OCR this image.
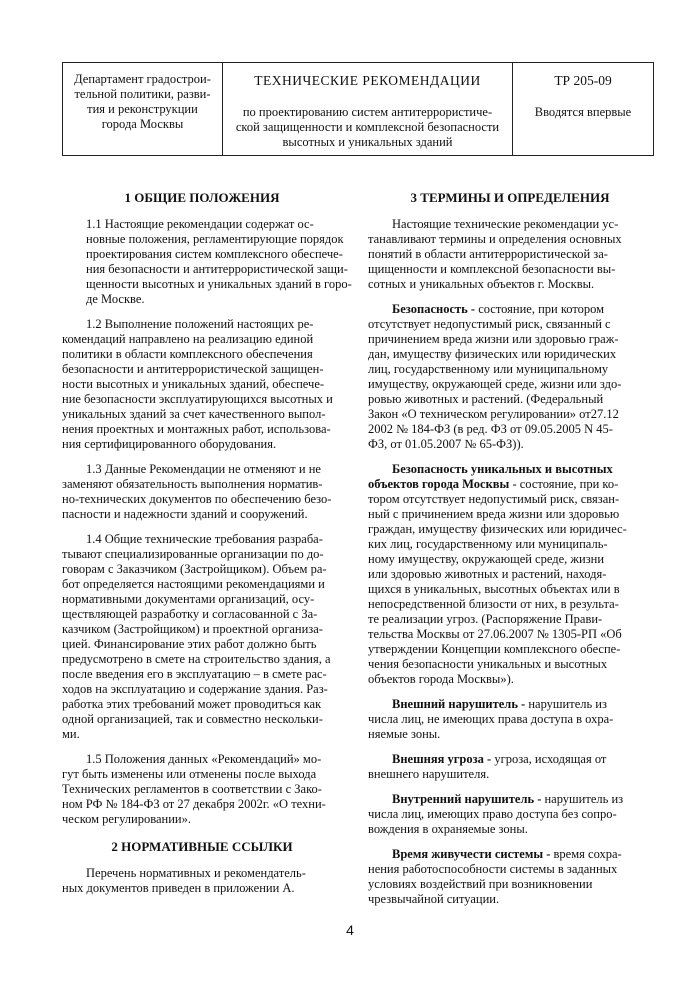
Департамент градострои-
тельной политики, разви-
тия и реконструкции
города Москвы
ТЕХНИЧЕСКИЕ РЕКОМЕНДАЦИИ
по проектированию систем антитеррористиче-
ской защищенности и комплексной безопасности
высотных и уникальных зданий
ТР 205-09
Вводятся впервые
1 ОБЩИЕ ПОЛОЖЕНИЯ
1.1 Настоящие рекомендации содержат ос-
новные положения, регламентирующие порядок
проектирования систем комплексного обеспече-
ния безопасности и антитеррористической защи-
щенности высотных и уникальных зданий в горо-
де Москве.
1.2 Выполнение положений настоящих ре-
комендаций направлено на реализацию единой
политики в области комплексного обеспечения
безопасности и антитеррористической защищен-
ности высотных и уникальных зданий, обеспече-
ние безопасности эксплуатирующихся высотных и
уникальных зданий за счет качественного выпол-
нения проектных и монтажных работ, использова-
ния сертифицированного оборудования.
1.3 Данные Рекомендации не отменяют и не
заменяют обязательность выполнения норматив-
но-технических документов по обеспечению безо-
пасности и надежности зданий и сооружений.
1.4 Общие технические требования разраба-
тывают специализированные организации по до-
говорам с Заказчиком (Застройщиком). Объем ра-
бот определяется настоящими рекомендациями и
нормативными документами организаций, осу-
ществляющей разработку и согласованной с За-
казчиком (Застройщиком) и проектной организа-
цией. Финансирование этих работ должно быть
предусмотрено в смете на строительство здания, а
после введения его в эксплуатацию – в смете рас-
ходов на эксплуатацию и содержание здания. Раз-
работка этих требований может проводиться как
одной организацией, так и совместно нескольки-
ми.
1.5 Положения данных «Рекомендаций» мо-
гут быть изменены или отменены после выхода
Технических регламентов в соответствии с Зако-
ном РФ № 184-ФЗ от 27 декабря 2002г. «О техни-
ческом регулировании».
2 НОРМАТИВНЫЕ ССЫЛКИ
Перечень нормативных и рекомендатель-
ных документов приведен в приложении А.
3 ТЕРМИНЫ И ОПРЕДЕЛЕНИЯ
Настоящие технические рекомендации ус-
танавливают термины и определения основных
понятий в области антитеррористической за-
щищенности и комплексной безопасности вы-
сотных и уникальных объектов г. Москвы.
Безопасность - состояние, при котором
отсутствует недопустимый риск, связанный с
причинением вреда жизни или здоровью граж-
дан, имуществу физических или юридических
лиц, государственному или муниципальному
имуществу, окружающей среде, жизни или здо-
ровью животных и растений. (Федеральный
Закон «О техническом регулировании» от27.12
2002 № 184-ФЗ (в ред. ФЗ от 09.05.2005 N 45-
ФЗ, от 01.05.2007 № 65-ФЗ)).
Безопасность уникальных и высотных
объектов города Москвы - состояние, при ко-
тором отсутствует недопустимый риск, связан-
ный с причинением вреда жизни или здоровью
граждан, имуществу физических или юридичес-
ких лиц, государственному или муниципаль-
ному имуществу, окружающей среде, жизни
или здоровью животных и растений, находя-
щихся в уникальных, высотных объектах или в
непосредственной близости от них, в результа-
те реализации угроз. (Распоряжение Прави-
тельства Москвы от 27.06.2007 № 1305-РП «Об
утверждении Концепции комплексного обеспе-
чения безопасности уникальных и высотных
объектов города Москвы»).
Внешний нарушитель - нарушитель из
числа лиц, не имеющих права доступа в охра-
няемые зоны.
Внешняя угроза - угроза, исходящая от
внешнего нарушителя.
Внутренний нарушитель - нарушитель из
числа лиц, имеющих право доступа без сопро-
вождения в охраняемые зоны.
Время живучести системы - время сохра-
нения работоспособности системы в заданных
условиях воздействий при возникновении
чрезвычайной ситуации.
4
